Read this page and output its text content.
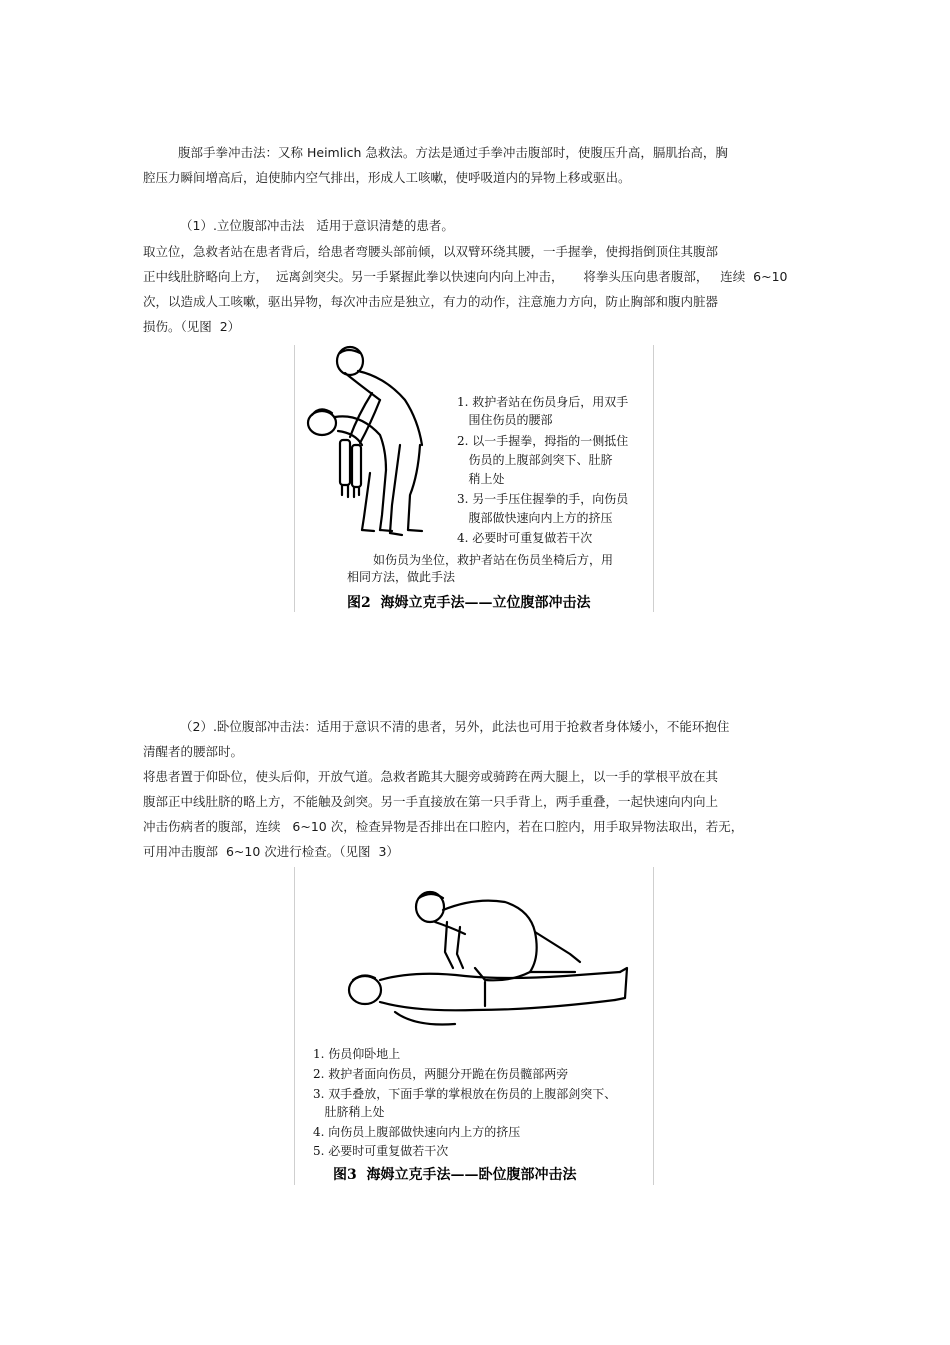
腹部手拳冲击法：又称 Heimlich 急救法。方法是通过手拳冲击腹部时，使腹压升高，膈肌抬高，胸
腔压力瞬间增高后，迫使肺内空气排出，形成人工咳嗽，使呼吸道内的异物上移或驱出。
（1）.立位腹部冲击法   适用于意识清楚的患者。
取立位，急救者站在患者背后，给患者弯腰头部前倾，以双臂环绕其腰，一手握拳，使拇指倒顶住其腹部
正中线肚脐略向上方，  远离剑突尖。另一手紧握此拳以快速向内向上冲击，     将拳头压向患者腹部，   连续  6~10
次，以造成人工咳嗽，驱出异物，每次冲击应是独立，有力的动作，注意施力方向，防止胸部和腹内脏器
损伤。（见图  2）
1. 救护者站在伤员身后，用双手
围住伤员的腰部
2. 以一手握拳，拇指的一侧抵住
伤员的上腹部剑突下、肚脐
稍上处
3. 另一手压住握拳的手，向伤员
腹部做快速向内上方的挤压
4. 必要时可重复做若干次
如伤员为坐位，救护者站在伤员坐椅后方，用
相同方法，做此手法
图2  海姆立克手法——立位腹部冲击法
（2）.卧位腹部冲击法：适用于意识不清的患者，另外，此法也可用于抢救者身体矮小，不能环抱住
清醒者的腰部时。
将患者置于仰卧位，使头后仰，开放气道。急救者跪其大腿旁或骑跨在两大腿上，以一手的掌根平放在其
腹部正中线肚脐的略上方，不能触及剑突。另一手直接放在第一只手背上，两手重叠，一起快速向内向上
冲击伤病者的腹部，连续   6~10 次，检查异物是否排出在口腔内，若在口腔内，用手取异物法取出，若无，
可用冲击腹部  6~10 次进行检查。（见图  3）
1. 伤员仰卧地上
2. 救护者面向伤员，两腿分开跪在伤员髋部两旁
3. 双手叠放，下面手掌的掌根放在伤员的上腹部剑突下、
肚脐稍上处
4. 向伤员上腹部做快速向内上方的挤压
5. 必要时可重复做若干次
图3  海姆立克手法——卧位腹部冲击法
